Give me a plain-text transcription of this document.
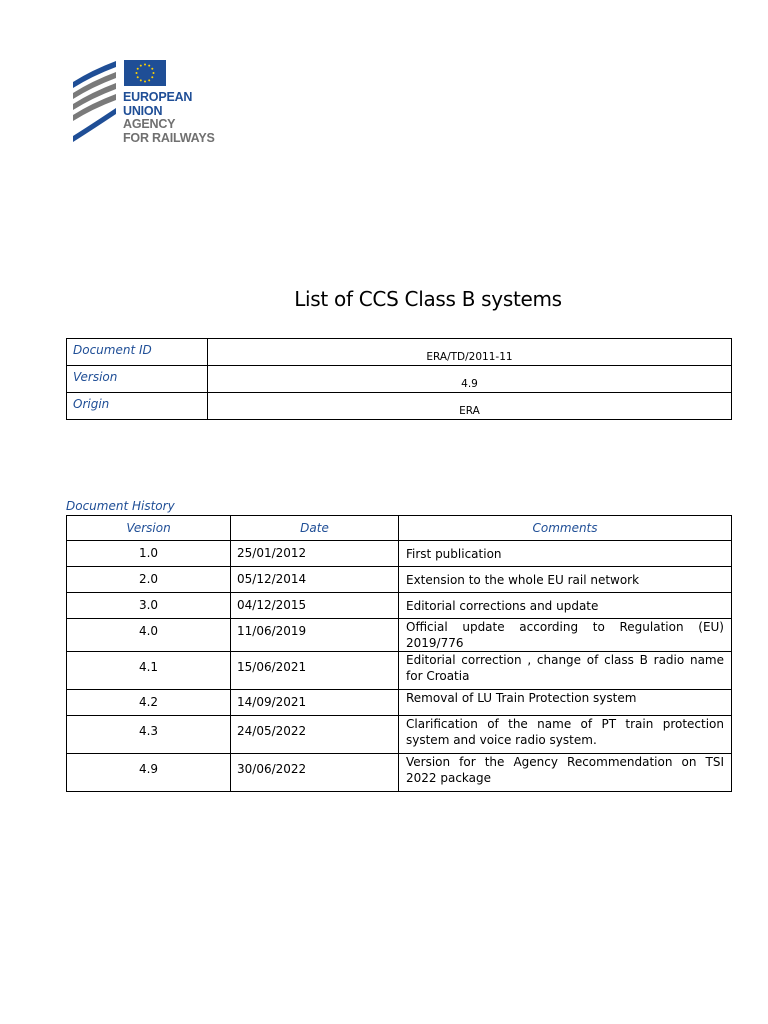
EUROPEAN
UNION
AGENCY
FOR RAILWAYS
List of CCS Class B systems
Document ID	ERA/TD/2011-11
Version	4.9
Origin	ERA
Document History
Version	Date	Comments
1.0	25/01/2012	First publication
2.0	05/12/2014	Extension to the whole EU rail network
3.0	04/12/2015	Editorial corrections and update
4.0	11/06/2019	Official update according to Regulation (EU) 2019/776
4.1	15/06/2021	Editorial correction , change of class B radio name for Croatia
4.2	14/09/2021	Removal of LU Train Protection system
4.3	24/05/2022	Clarification of the name of PT train protection system and voice radio system.
4.9	30/06/2022	Version for the Agency Recommendation on TSI 2022 package
